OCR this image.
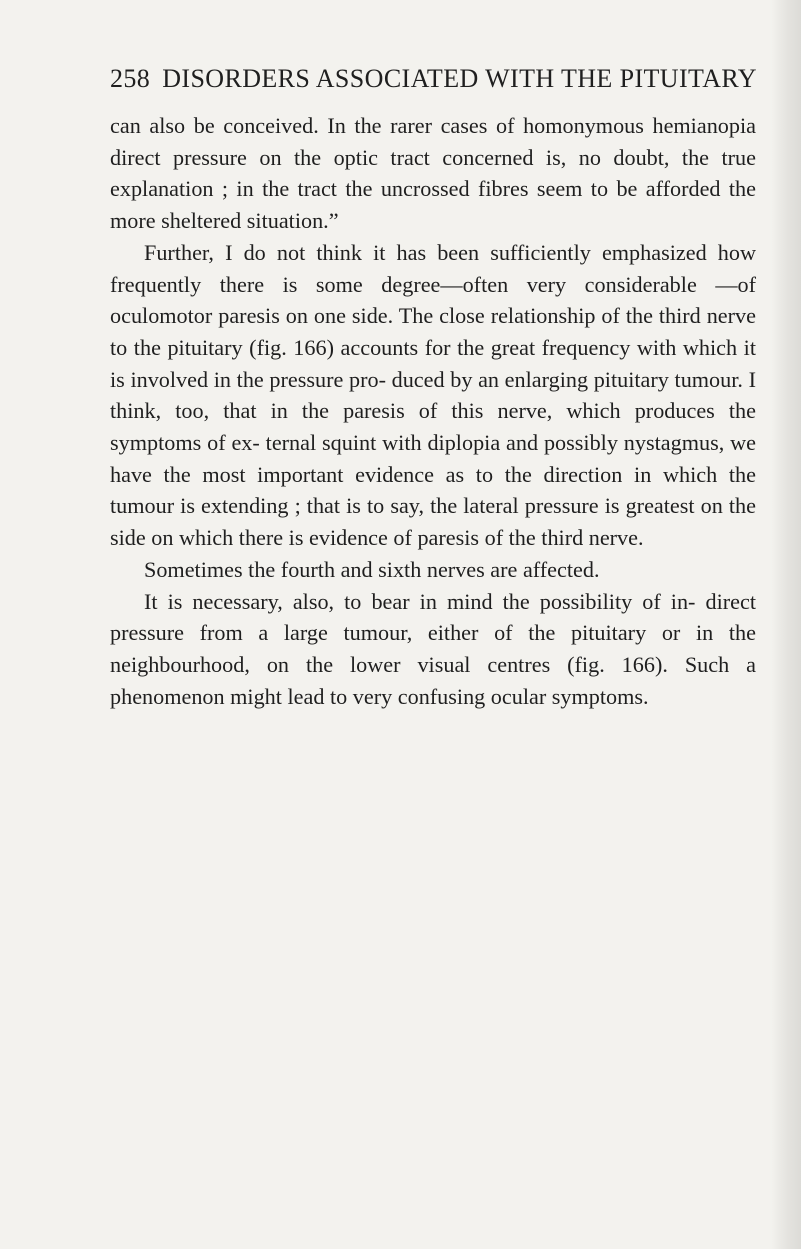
258 DISORDERS ASSOCIATED WITH THE PITUITARY

can also be conceived. In the rarer cases of homonymous hemianopia direct pressure on the optic tract concerned is, no doubt, the true explanation ; in the tract the uncrossed fibres seem to be afforded the more sheltered situation.”

Further, I do not think it has been sufficiently emphasized how frequently there is some degree—often very considerable —of oculomotor paresis on one side. The close relationship of the third nerve to the pituitary (fig. 166) accounts for the great frequency with which it is involved in the pressure pro- duced by an enlarging pituitary tumour. I think, too, that in the paresis of this nerve, which produces the symptoms of ex- ternal squint with diplopia and possibly nystagmus, we have the most important evidence as to the direction in which the tumour is extending ; that is to say, the lateral pressure is greatest on the side on which there is evidence of paresis of the third nerve.

Sometimes the fourth and sixth nerves are affected.

It is necessary, also, to bear in mind the possibility of in- direct pressure from a large tumour, either of the pituitary or in the neighbourhood, on the lower visual centres (fig. 166). Such a phenomenon might lead to very confusing ocular symptoms.
